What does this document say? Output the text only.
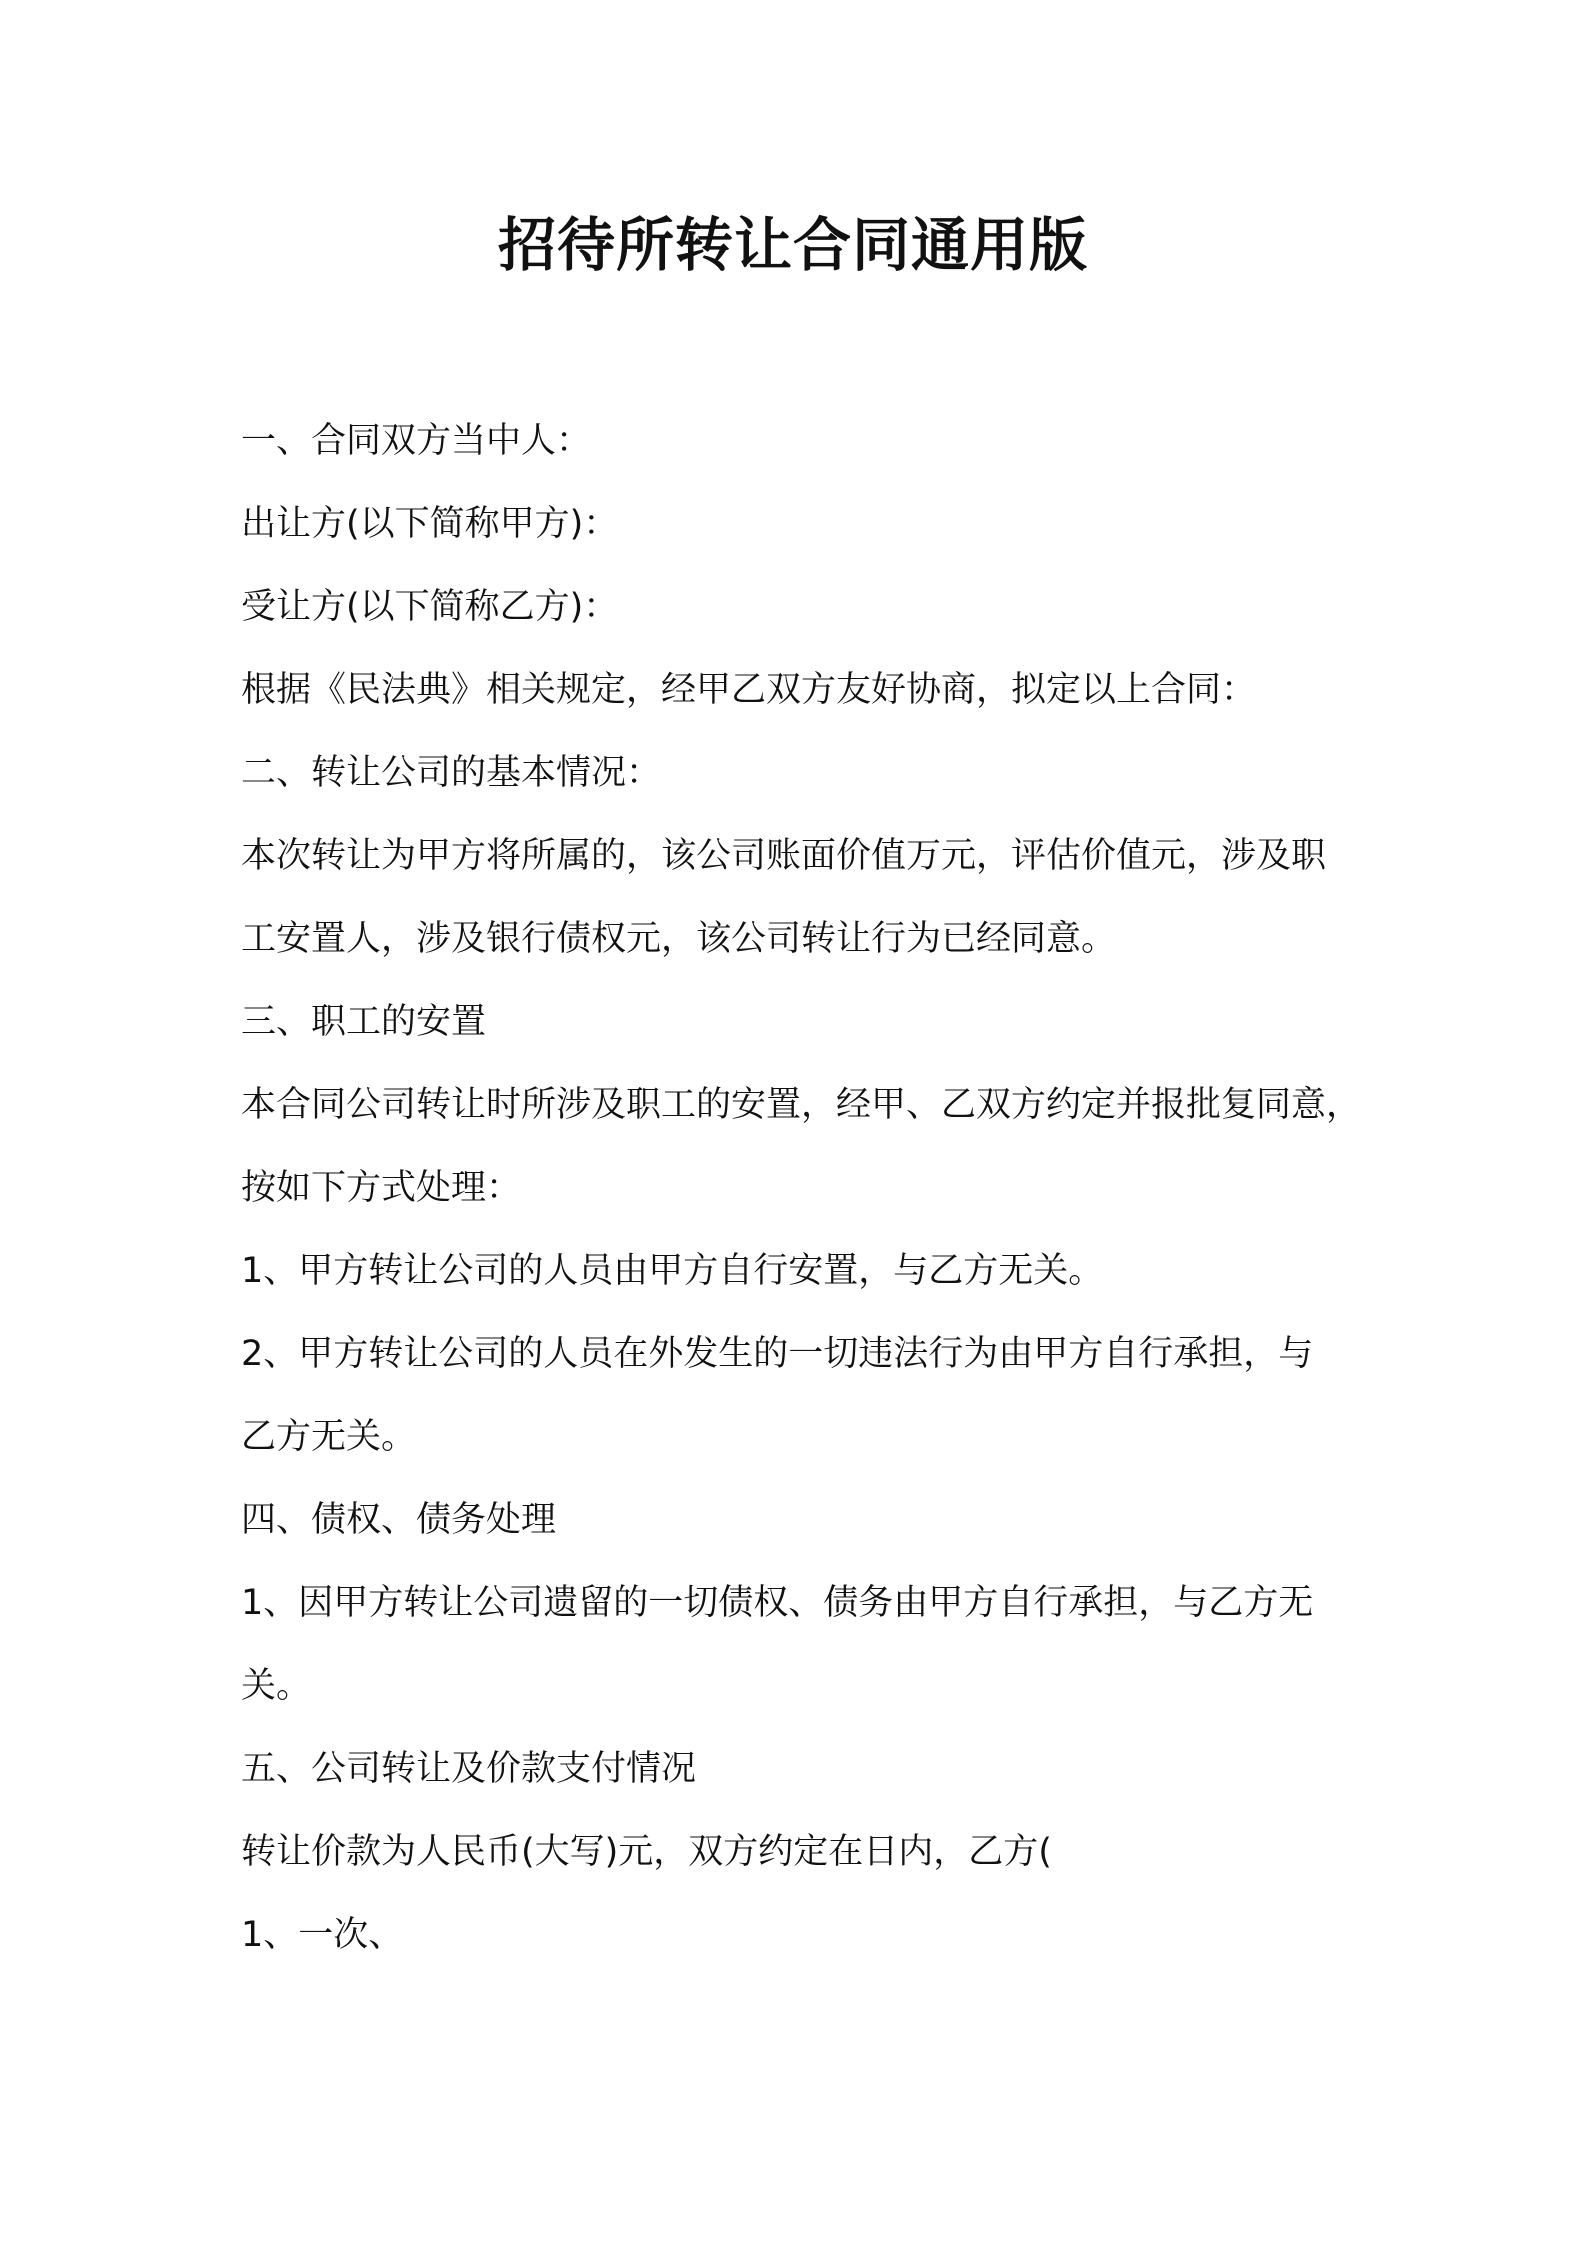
招待所转让合同通用版

一、合同双方当中人：

出让方(以下简称甲方)：

受让方(以下简称乙方)：

根据《民法典》相关规定，经甲乙双方友好协商，拟定以上合同：

二、转让公司的基本情况：

本次转让为甲方将所属的，该公司账面价值万元，评估价值元，涉及职

工安置人，涉及银行债权元，该公司转让行为已经同意。

三、职工的安置

本合同公司转让时所涉及职工的安置，经甲、乙双方约定并报批复同意，

按如下方式处理：

1、甲方转让公司的人员由甲方自行安置，与乙方无关。

2、甲方转让公司的人员在外发生的一切违法行为由甲方自行承担，与

乙方无关。

四、债权、债务处理

1、因甲方转让公司遗留的一切债权、债务由甲方自行承担，与乙方无

关。

五、公司转让及价款支付情况

转让价款为人民币(大写)元，双方约定在日内，乙方(

1、一次、
